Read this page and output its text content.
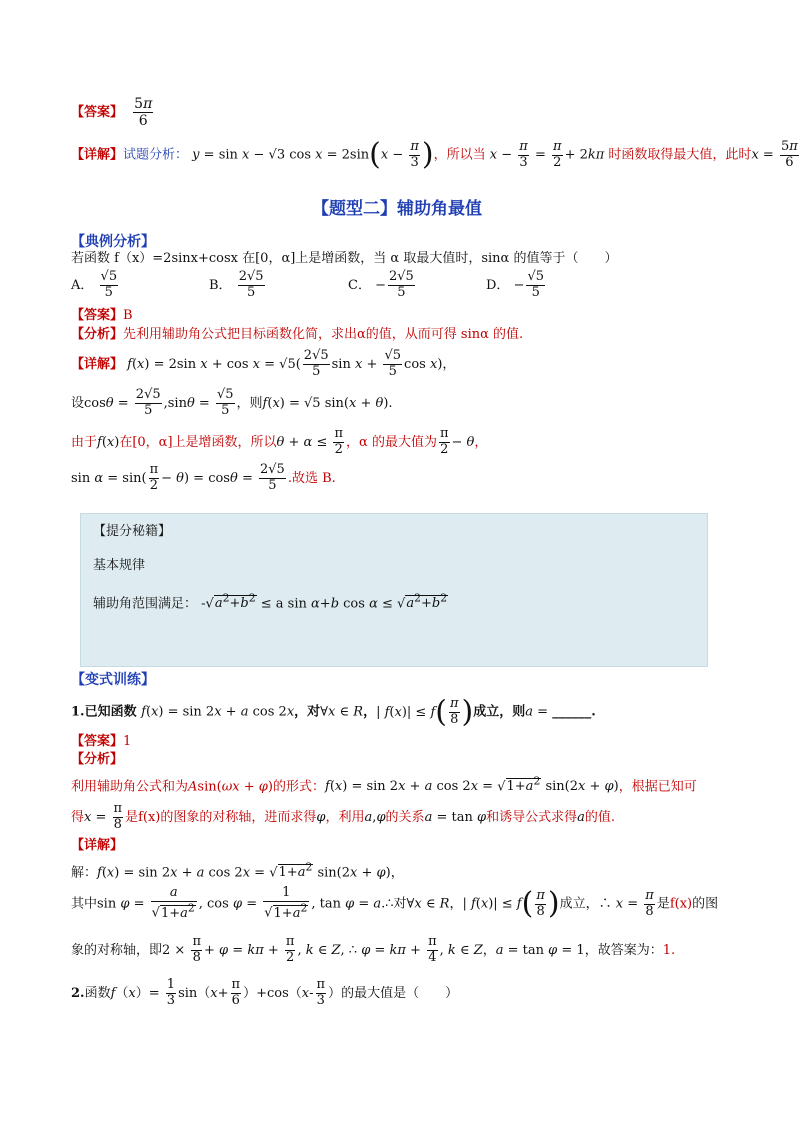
【答案】 $\frac{5\pi}{6}$
【详解】试题分析： y = sin x − √3 $\cos x = 2\sin(x - \frac{\pi}{3}$ )，所以当 $x - \frac{\pi}{3} = \frac{\pi}{2} + 2k\pi$ 时函数取得最大值，此时$x = \frac{5\pi}{6}$
【题型二】辅助角最值
【典例分析】
若函数 f（x）=2sinx+cosx 在[0，α]上是增函数，当 α 取最大值时，sinα 的值等于（　　）
A． $\frac{√5}{5}$	B． $\frac{2√5}{5}$	C． − $\frac{2√5}{5}$	D． − $\frac{√5}{5}$
【答案】B
【分析】先利用辅助角公式把目标函数化简，求出α的值，从而可得 sinα 的值.
【详解】 f(x) = 2sin $x + \cos x = √5( \frac{2√5}{5}$ $\sin x + \frac{√5}{5}$ cos x)，
设$\cos\theta = \frac{2√5}{5} ,\sin\theta = \frac{√5}{5}$ ，则f(x) = √5 sin(x + θ).
由于f(x)在[0，α]上是增函数，所以$\theta + \alpha \le \frac{\pi}{2}$ ，α 的最大值为 $\frac{\pi}{2} - \theta$，
$\sin \alpha = \sin( \frac{\pi}{2} - \theta) = \cos\theta = \frac{2√5}{5}$ .故选 B.
【提分秘籍】
基本规律
辅助角范围满足： $-√a^2+b^2 \le a$ sin α+b $\cos \alpha \le √a^2+b^2$
【变式训练】
1.已知函数 f(x) = sin 2x + a cos 2x，对∀x ∈ R，| $f(x)| \le f( \frac{\pi}{8}$ )成立，则a = ______.
【答案】1
【分析】
利用辅助角公式和为Asin(ωx + φ)的形式：f(x) = sin 2x + a $\cos 2x = √1+a^2$ sin(2x + φ)，根据已知可
得$x = \frac{\pi}{8}$ 是f(x)的图象的对称轴，进而求得φ，利用a,φ的关系a = tan φ和诱导公式求得a的值.
【详解】
解：f(x) = sin 2x + a $\cos 2x = √1+a^2$ sin(2x + φ)，
其中$\sin \varphi = \frac{a}{√1+a^2}$ , $\cos \varphi = \frac{1}{√1+a^2}$ , tan φ = a.∴对∀x ∈ R，| $f(x)| \le f( \frac{\pi}{8}$ )成立，∴ $x = \frac{\pi}{8}$ 是f(x)的图
象的对称轴，即$2 \times \frac{\pi}{8} + \varphi = k\pi + \frac{\pi}{2}$ , k ∈ Z, ∴ $\varphi = k\pi + \frac{\pi}{4}$ , k ∈ Z，a = tan φ = 1，故答案为：1.
2.函数$f(x)= \frac{1}{3} \sin(x+ \frac{\pi}{6} )+\cos(x- \frac{\pi}{3}$ ）的最大值是（　　）
